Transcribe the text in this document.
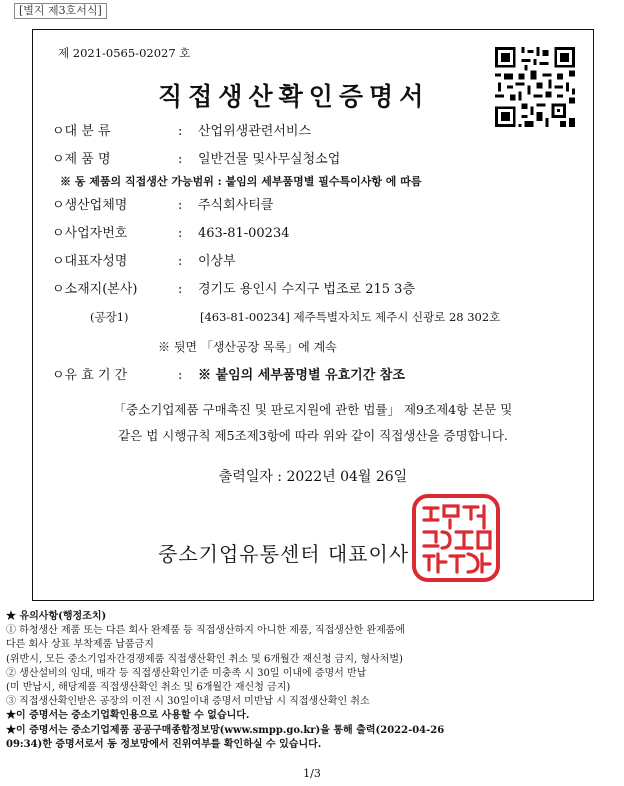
[별지 제3호서식]
제 2021-0565-02027 호
직접생산확인증명서
ㅇ대 분 류	: 산업위생관련서비스
ㅇ제 품 명	: 일반건물 및사무실청소업
※ 동 제품의 직접생산 가능범위 : 붙임의 세부품명별 필수특이사항 에 따름
ㅇ생산업체명	: 주식회사티클
ㅇ사업자번호	: 463-81-00234
ㅇ대표자성명	: 이상부
ㅇ소재지(본사)	: 경기도 용인시 수지구 법조로 215 3층
(공장1)	[463-81-00234] 제주특별자치도 제주시 신광로 28 302호
※ 뒷면 「생산공장 목록」에 계속
ㅇ유 효 기 간	: ※ 붙임의 세부품명별 유효기간 참조
「중소기업제품 구매촉진 및 판로지원에 관한 법률」 제9조제4항 본문 및
같은 법 시행규칙 제5조제3항에 따라 위와 같이 직접생산을 증명합니다.
출력일자 : 2022년 04월 26일
중소기업유통센터 대표이사
★ 유의사항(행정조치)
① 하청생산 제품 또는 다른 회사 완제품 등 직접생산하지 아니한 제품, 직접생산한 완제품에
다른 회사 상표 부착제품 납품금지
(위반시, 모든 중소기업자간경쟁제품 직접생산확인 취소 및 6개월간 재신청 금지, 형사처벌)
② 생산설비의 임대, 매각 등 직접생산확인기준 미충족 시 30일 이내에 증명서 반납
(미 반납시, 해당제품 직접생산확인 취소 및 6개월간 재신청 금지)
③ 직접생산확인받은 공장의 이전 시 30일이내 증명서 미반납 시 직접생산확인 취소
★이 증명서는 중소기업확인용으로 사용할 수 없습니다.
★이 증명서는 중소기업제품 공공구매종합정보망(www.smpp.go.kr)을 통해 출력(2022-04-26
09:34)한 증명서로서 동 정보망에서 진위여부를 확인하실 수 있습니다.
1/3
